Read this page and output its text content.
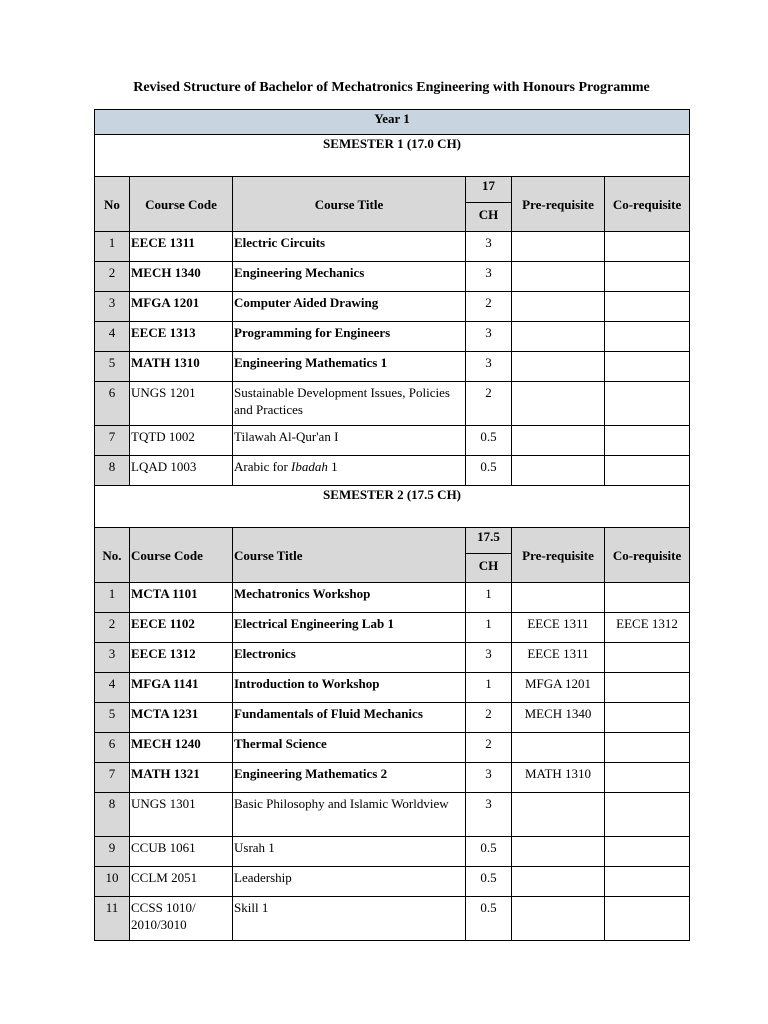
Revised Structure of Bachelor of Mechatronics Engineering with Honours Programme
Year 1					
SEMESTER 1 (17.0 CH)					
No	Course Code	Course Title	17	Pre-requisite	Co-requisite
			CH		
1	EECE 1311	Electric Circuits	3		
2	MECH 1340	Engineering Mechanics	3		
3	MFGA 1201	Computer Aided Drawing	2		
4	EECE 1313	Programming for Engineers	3		
5	MATH 1310	Engineering Mathematics 1	3		
6	UNGS 1201	Sustainable Development Issues, Policies and Practices	2		
7	TQTD 1002	Tilawah Al-Qur'an I	0.5		
8	LQAD 1003	Arabic for Ibadah 1	0.5		
SEMESTER 2 (17.5 CH)					
No.	Course Code	Course Title	17.5	Pre-requisite	Co-requisite
			CH		
1	MCTA 1101	Mechatronics Workshop	1		
2	EECE 1102	Electrical Engineering Lab 1	1	EECE 1311	EECE 1312
3	EECE 1312	Electronics	3	EECE 1311	
4	MFGA 1141	Introduction to Workshop	1	MFGA 1201	
5	MCTA 1231	Fundamentals of Fluid Mechanics	2	MECH 1340	
6	MECH 1240	Thermal Science	2		
7	MATH 1321	Engineering Mathematics 2	3	MATH 1310	
8	UNGS 1301	Basic Philosophy and Islamic Worldview	3		
9	CCUB 1061	Usrah 1	0.5		
10	CCLM 2051	Leadership	0.5		
11	CCSS 1010/ 2010/3010	Skill 1	0.5		
